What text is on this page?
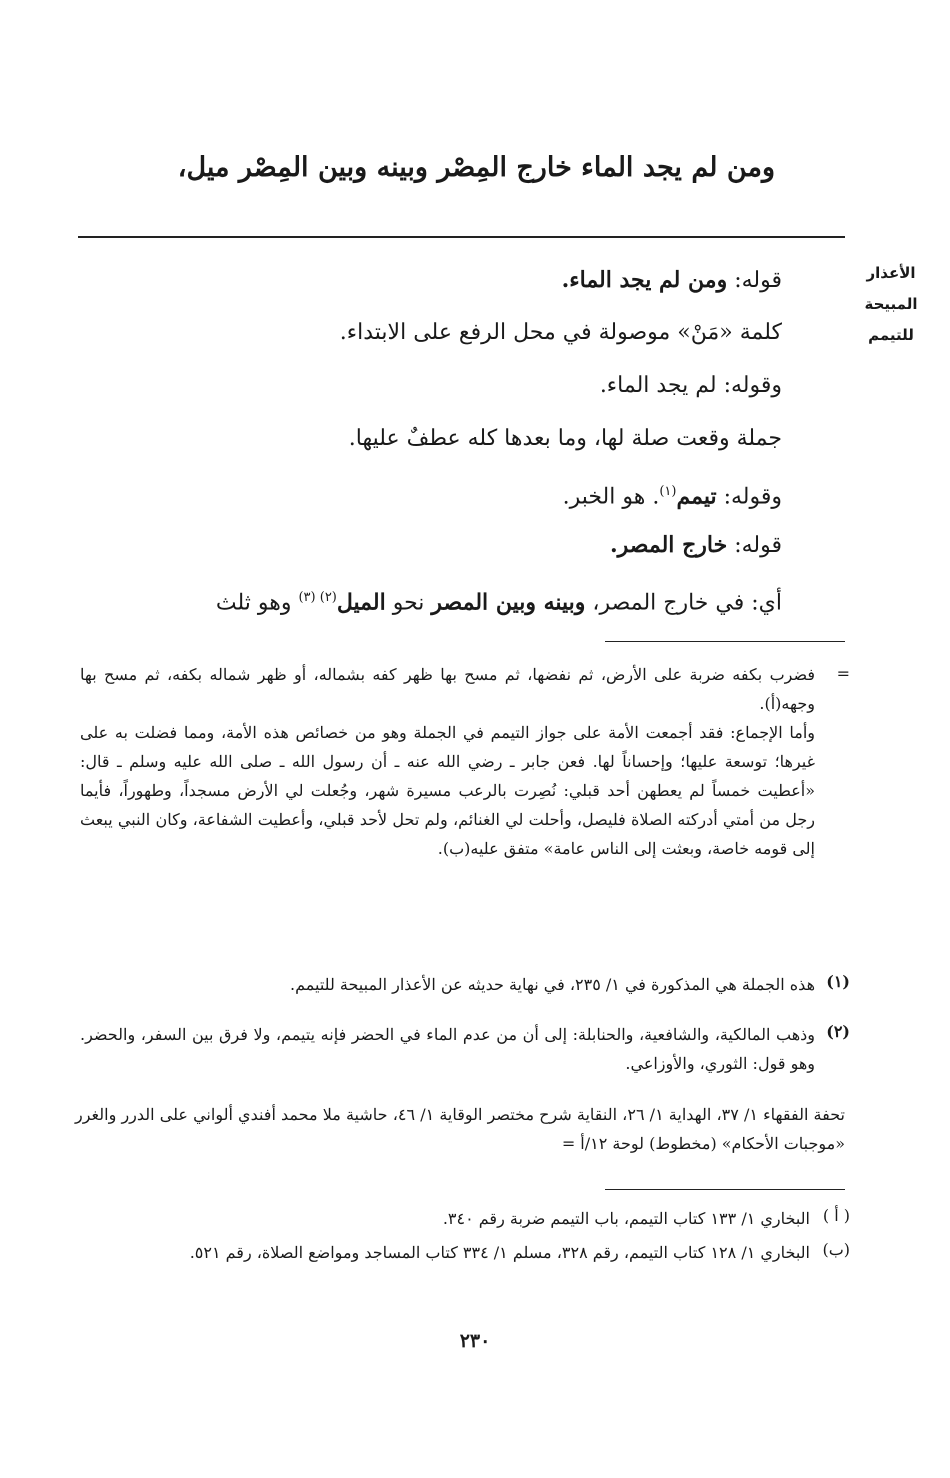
ومن لم يجد الماء خارج المِصْر وبينه وبين المِصْر ميل،
الأعذار
المبيحة
للتيمم
قوله: ومن لم يجد الماء.
كلمة «مَنْ» موصولة في محل الرفع على الابتداء.
وقوله: لم يجد الماء.
جملة وقعت صلة لها، وما بعدها كله عطفٌ عليها.
وقوله: تيمم$^{(١)}$. هو الخبر.
قوله: خارج المصر.
أي: في خارج المصر، وبينه وبين المصر نحو الميل$^{(٢) (٣)}$ وهو ثلث
=

فضرب بكفه ضربة على الأرض، ثم نفضها، ثم مسح بها ظهر كفه بشماله، أو ظهر شماله بكفه، ثم مسح بها وجهه(أ).

وأما الإجماع: فقد أجمعت الأمة على جواز التيمم في الجملة وهو من خصائص هذه الأمة، ومما فضلت به على غيرها؛ توسعة عليها؛ وإحساناً لها. فعن جابر ـ رضي الله عنه ـ أن رسول الله ـ صلى الله عليه وسلم ـ قال: «أعطيت خمساً لم يعطهن أحد قبلي: نُصِرت بالرعب مسيرة شهر، وجُعلت لي الأرض مسجداً، وطهوراً، فأيما رجل من أمتي أدركته الصلاة فليصل، وأحلت لي الغنائم، ولم تحل لأحد قبلي، وأعطيت الشفاعة، وكان النبي يبعث إلى قومه خاصة، وبعثت إلى الناس عامة» متفق عليه(ب).

(١)

هذه الجملة هي المذكورة في ١/ ٢٣٥، في نهاية حديثه عن الأعذار المبيحة للتيمم.

(٢)

وذهب المالكية، والشافعية، والحنابلة: إلى أن من عدم الماء في الحضر فإنه يتيمم، ولا فرق بين السفر، والحضر. وهو قول: الثوري، والأوزاعي.

تحفة الفقهاء ١/ ٣٧، الهداية ١/ ٢٦، النقاية شرح مختصر الوقاية ١/ ٤٦، حاشية ملا محمد أفندي ألواني على الدرر والغرر «موجبات الأحكام» (مخطوط) لوحة ١٢/أ =

( أ )

البخاري ١/ ١٣٣ كتاب التيمم، باب التيمم ضربة رقم ٣٤٠.

(ب)

البخاري ١/ ١٢٨ كتاب التيمم، رقم ٣٢٨، مسلم ١/ ٣٣٤ كتاب المساجد ومواضع الصلاة، رقم ٥٢١.

٢٣٠
